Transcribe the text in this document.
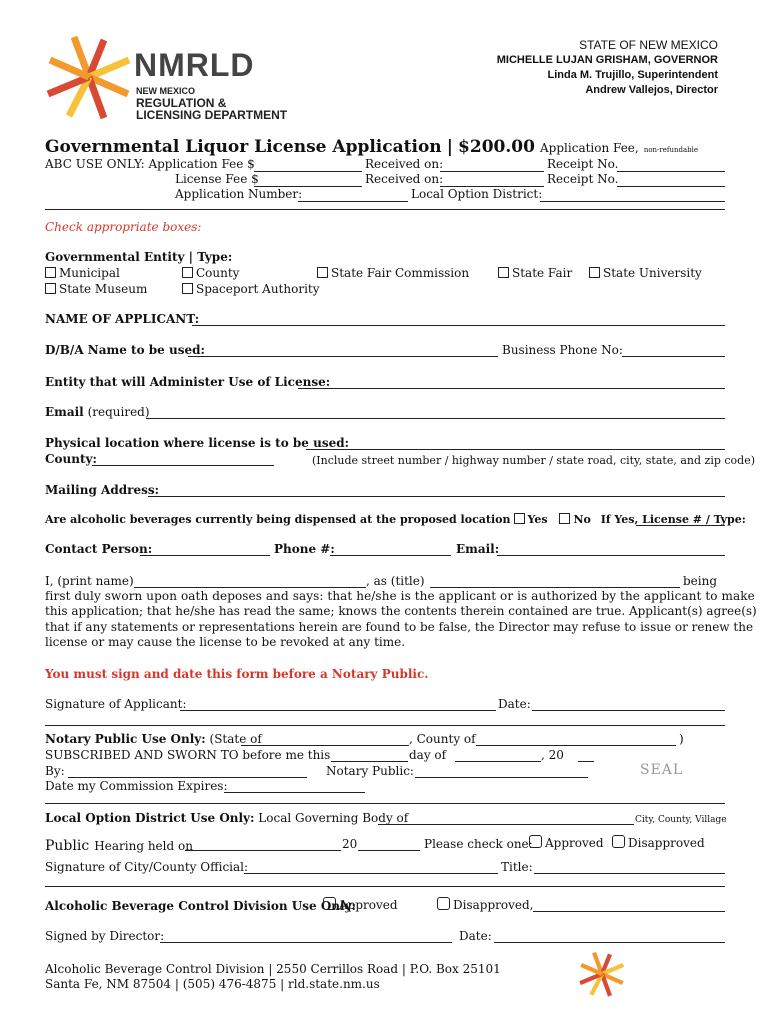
NMRLD
NEW MEXICO
REGULATION &
LICENSING DEPARTMENT
STATE OF NEW MEXICO
MICHELLE LUJAN GRISHAM, GOVERNOR
Linda M. Trujillo, Superintendent
Andrew Vallejos, Director
Governmental Liquor License Application | $200.00 Application Fee, non-refundable
ABC USE ONLY: Application Fee $	Received on:	Receipt No.
License Fee $	Received on:	Receipt No.
Application Number:	Local Option District:
Check appropriate boxes:
Governmental Entity | Type:
Municipal	County	State Fair Commission	State Fair	State University
State Museum	Spaceport Authority
NAME OF APPLICANT:
D/B/A Name to be used:	Business Phone No:
Entity that will Administer Use of License:
Email (required)
Physical location where license is to be used:
County:	(Include street number / highway number / state road, city, state, and zip code)
Mailing Address:
Are alcoholic beverages currently being dispensed at the proposed location Yes No If Yes, License # / Type:
Contact Person:	Phone #:	Email:
I, (print name)	, as (title)	being
first duly sworn upon oath deposes and says: that he/she is the applicant or is authorized by the applicant to make
this application; that he/she has read the same; knows the contents therein contained are true. Applicant(s) agree(s)
that if any statements or representations herein are found to be false, the Director may refuse to issue or renew the
license or may cause the license to be revoked at any time.
You must sign and date this form before a Notary Public.
Signature of Applicant:	Date:
Notary Public Use Only: (State of	, County of	)
SUBSCRIBED AND SWORN TO before me this	day of	, 20
By:	Notary Public:	SEAL
Date my Commission Expires:
Local Option District Use Only: Local Governing Body of	City, County, Village
Public Hearing held on	20	Please check one:	Approved	Disapproved
Signature of City/County Official:	Title:
Alcoholic Beverage Control Division Use Only:
Approved	Disapproved,
Signed by Director:	Date:
Alcoholic Beverage Control Division | 2550 Cerrillos Road | P.O. Box 25101
Santa Fe, NM 87504 | (505) 476-4875 | rld.state.nm.us
